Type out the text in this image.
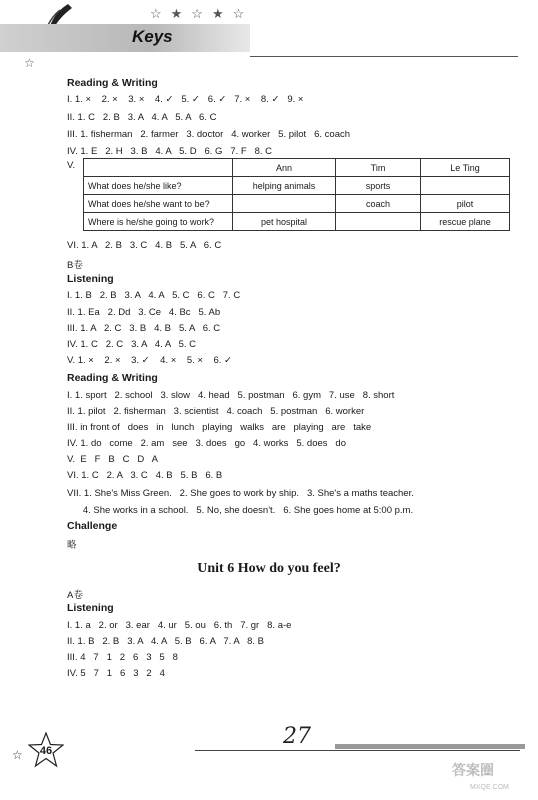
☆★☆★☆
Keys
☆
Reading & Writing
I. 1. ×    2. ×    3. ×    4. ✓   5. ✓   6. ✓   7. ×    8. ✓   9. ×
II. 1. C   2. B   3. A   4. A   5. A   6. C
III. 1. fisherman   2. farmer   3. doctor   4. worker   5. pilot   6. coach
IV. 1. E   2. H   3. B   4. A   5. D   6. G   7. F   8. C
V.
		Ann	Tim	Le Ting
What does he/she like?	helping animals	sports	
What does he/she want to be?		coach	pilot
Where is he/she going to work?	pet hospital		rescue plane
VI. 1. A   2. B   3. C   4. B   5. A   6. C
B卷
Listening
I. 1. B   2. B   3. A   4. A   5. C   6. C   7. C
II. 1. Ea   2. Dd   3. Ce   4. Bc   5. Ab
III. 1. A   2. C   3. B   4. B   5. A   6. C
IV. 1. C   2. C   3. A   4. A   5. C
V. 1. ×    2. ×    3. ✓    4. ×    5. ×    6. ✓
Reading & Writing
I. 1. sport   2. school   3. slow   4. head   5. postman   6. gym   7. use   8. short
II. 1. pilot   2. fisherman   3. scientist   4. coach   5. postman   6. worker
III. in front of   does   in   lunch   playing   walks   are   playing   are   take
IV. 1. do   come   2. am   see   3. does   go   4. works   5. does   do
V.  E   F   B   C   D   A
VI. 1. C   2. A   3. C   4. B   5. B   6. B
VII. 1. She's Miss Green.   2. She goes to work by ship.   3. She's a maths teacher.
4. She works in a school.   5. No, she doesn't.   6. She goes home at 5:00 p.m.
Challenge
略
Unit 6 How do you feel?
A卷
Listening
I. 1. a   2. or   3. ear   4. ur   5. ou   6. th   7. gr   8. a-e
II. 1. B   2. B   3. A   4. A   5. B   6. A   7. A   8. B
III. 4   7   1   2   6   3   5   8
IV. 5   7   1   6   3   2   4
27
☆	46
答案圈
MXQE.COM
